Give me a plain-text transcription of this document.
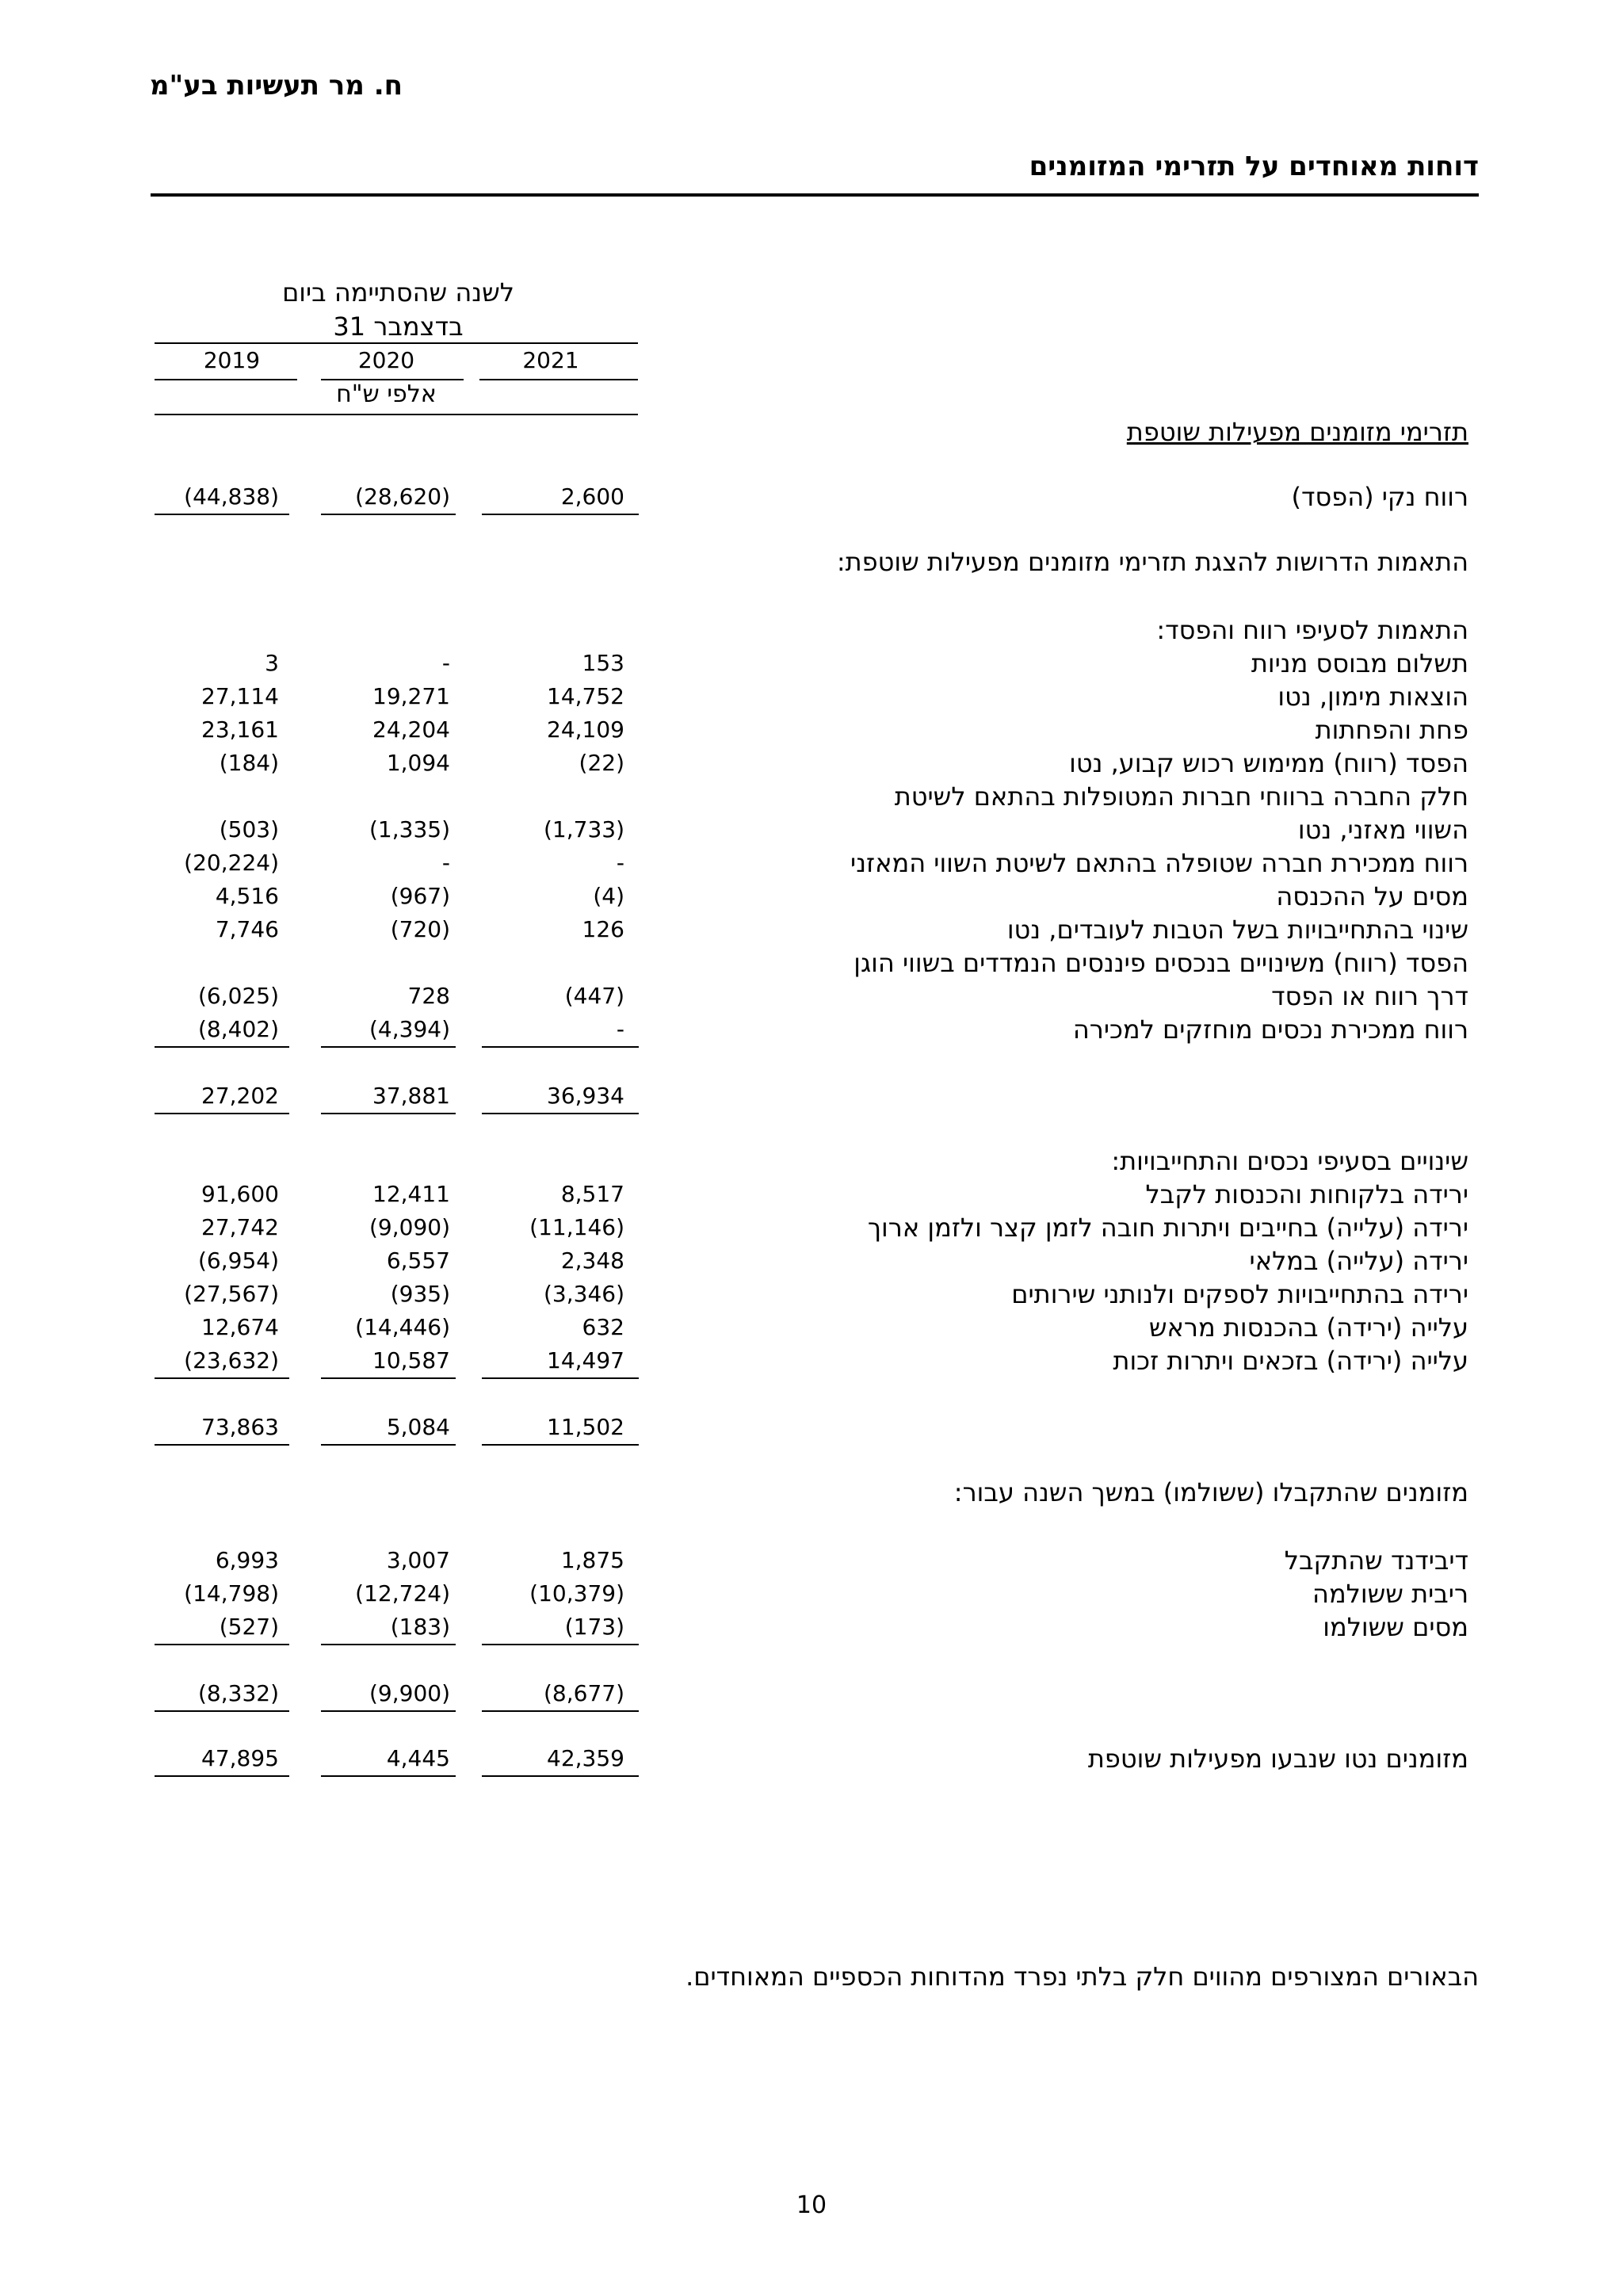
ח. מר תעשיות בע"מ
דוחות מאוחדים על תזרימי המזומנים
לשנה שהסתיימה ביום
31 בדצמבר
2021
2020
2019
אלפי ש"ח
תזרימי מזומנים מפעילות שוטפת
התאמות הדרושות להצגת תזרימי מזומנים מפעילות שוטפת:
התאמות לסעיפי רווח והפסד:
שינויים בסעיפי נכסים והתחייבויות:
מזומנים שהתקבלו (ששולמו) במשך השנה עבור:
רווח נקי (הפסד)
תשלום מבוסס מניות
הוצאות מימון, נטו
פחת והפחתות
הפסד (רווח) ממימוש רכוש קבוע, נטו
חלק החברה ברווחי חברות המטופלות בהתאם לשיטת
השווי מאזני, נטו
רווח ממכירת חברה שטופלה בהתאם לשיטת השווי המאזני
מסים על ההכנסה
שינוי בהתחייבויות בשל הטבות לעובדים, נטו
הפסד (רווח) משינויים בנכסים פיננסים הנמדדים בשווי הוגן
דרך רווח או הפסד
רווח ממכירת נכסים מוחזקים למכירה
ירידה בלקוחות והכנסות לקבל
ירידה (עלייה) בחייבים ויתרות חובה לזמן קצר ולזמן ארוך
ירידה (עלייה) במלאי
ירידה בהתחייבויות לספקים ולנותני שירותים
עלייה (ירידה) בהכנסות מראש
עלייה (ירידה) בזכאים ויתרות זכות
דיבידנד שהתקבל
ריבית ששולמה
מסים ששולמו
מזומנים נטו שנבעו מפעילות שוטפת
2,600
(28,620)
(44,838)
153
-
3
14,752
19,271
27,114
24,109
24,204
23,161
(22)
1,094
(184)
(1,733)
(1,335)
(503)
-
-
(20,224)
(4)
(967)
4,516
126
(720)
7,746
(447)
728
(6,025)
-
(4,394)
(8,402)
36,934
37,881
27,202
8,517
12,411
91,600
(11,146)
(9,090)
27,742
2,348
6,557
(6,954)
(3,346)
(935)
(27,567)
632
(14,446)
12,674
14,497
10,587
(23,632)
11,502
5,084
73,863
1,875
3,007
6,993
(10,379)
(12,724)
(14,798)
(173)
(183)
(527)
(8,677)
(9,900)
(8,332)
42,359
4,445
47,895
הבאורים המצורפים מהווים חלק בלתי נפרד מהדוחות הכספיים המאוחדים.
10
